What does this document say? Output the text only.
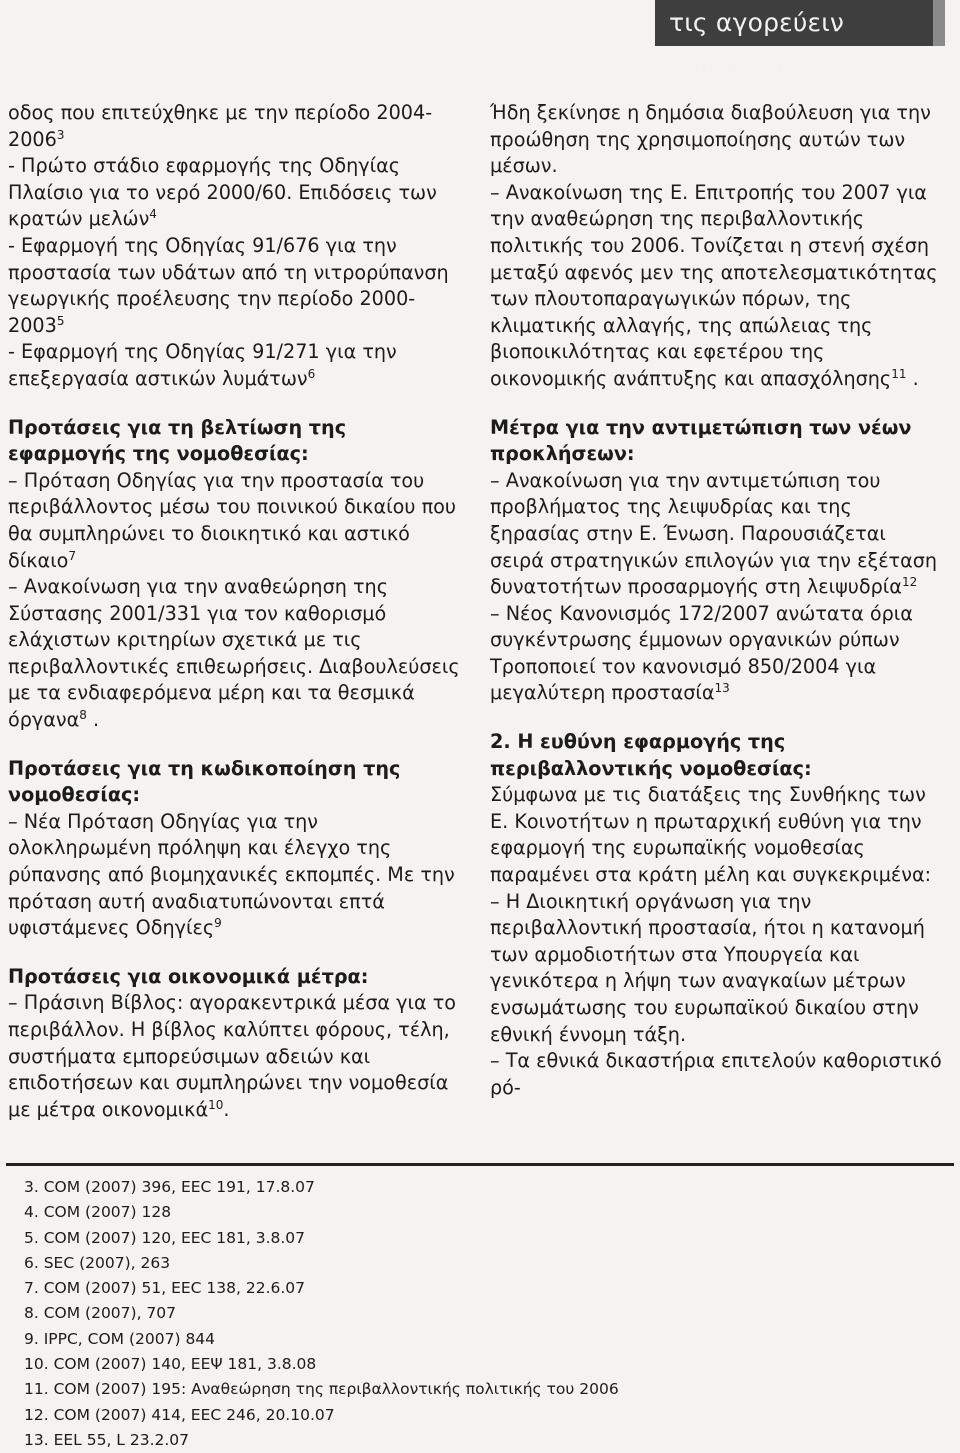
τις αγορεύειν βούλεται

οδος που επιτεύχθηκε με την περίοδο 2004-2006$^3$

- Πρώτο στάδιο εφαρμογής της Οδηγίας Πλαίσιο για το νερό 2000/60. Επιδόσεις των κρατών μελών$^4$

- Εφαρμογή της Οδηγίας 91/676 για την προστασία των υδάτων από τη νιτρορύπανση γεωργικής προέλευσης την περίοδο 2000-2003$^5$

- Εφαρμογή της Οδηγίας 91/271 για την επεξεργασία αστικών λυμάτων$^6$

Προτάσεις για τη βελτίωση της εφαρμογής της νομοθεσίας:

– Πρόταση Οδηγίας για την προστασία του περιβάλλοντος μέσω του ποινικού δικαίου που θα συμπληρώνει το διοικητικό και αστικό δίκαιο$^7$

– Ανακοίνωση για την αναθεώρηση της Σύστασης 2001/331 για τον καθορισμό ελάχιστων κριτηρίων σχετικά με τις περιβαλλοντικές επιθεωρήσεις. Διαβουλεύσεις με τα ενδιαφερόμενα μέρη και τα θεσμικά όργανα$^8$ .

Προτάσεις για τη κωδικοποίηση της νομοθεσίας:

– Νέα Πρόταση Οδηγίας για την ολοκληρωμένη πρόληψη και έλεγχο της ρύπανσης από βιομηχανικές εκπομπές. Με την πρόταση αυτή αναδιατυπώνονται επτά υφιστάμενες Οδηγίες$^9$

Προτάσεις για οικονομικά μέτρα:

– Πράσινη Βίβλος: αγορακεντρικά μέσα για το περιβάλλον. Η βίβλος καλύπτει φόρους, τέλη, συστήματα εμπορεύσιμων αδειών και επιδοτήσεων και συμπληρώνει την νομοθεσία με μέτρα οικονομικά$^{10}$.

Ήδη ξεκίνησε η δημόσια διαβούλευση για την προώθηση της χρησιμοποίησης αυτών των μέσων.

– Ανακοίνωση της Ε. Επιτροπής του 2007 για την αναθεώρηση της περιβαλλοντικής πολιτικής του 2006. Τονίζεται η στενή σχέση μεταξύ αφενός μεν της αποτελεσματικότητας των πλουτοπαραγωγικών πόρων, της κλιματικής αλλαγής, της απώλειας της βιοποικιλότητας και εφετέρου της οικονομικής ανάπτυξης και απασχόλησης$^{11}$ .

Μέτρα για την αντιμετώπιση των νέων προκλήσεων:

– Ανακοίνωση για την αντιμετώπιση του προβλήματος της λειψυδρίας και της ξηρασίας στην Ε. Ένωση. Παρουσιάζεται σειρά στρατηγικών επιλογών για την εξέταση δυνατοτήτων προσαρμογής στη λειψυδρία$^{12}$

– Νέος Κανονισμός 172/2007 ανώτατα όρια συγκέντρωσης έμμονων οργανικών ρύπων Τροποποιεί τον κανονισμό 850/2004 για μεγαλύτερη προστασία$^{13}$

2. Η ευθύνη εφαρμογής της περιβαλλοντικής νομοθεσίας:

Σύμφωνα με τις διατάξεις της Συνθήκης των Ε. Κοινοτήτων η πρωταρχική ευθύνη για την εφαρμογή της ευρωπαϊκής νομοθεσίας παραμένει στα κράτη μέλη και συγκεκριμένα:

– Η Διοικητική οργάνωση για την περιβαλλοντική προστασία, ήτοι η κατανομή των αρμοδιοτήτων στα Υπουργεία και γενικότερα η λήψη των αναγκαίων μέτρων ενσωμάτωσης του ευρωπαϊκού δικαίου στην εθνική έννομη τάξη.

– Τα εθνικά δικαστήρια επιτελούν καθοριστικό ρό-

3. COM (2007) 396, ΕΕC 191, 17.8.07
4. COM (2007) 128
5. COM (2007) 120, ΕΕC 181, 3.8.07
6. SEC (2007), 263
7. COM (2007) 51, ΕΕC 138, 22.6.07
8. COM (2007), 707
9. IPPC, COM (2007) 844
10. COM (2007) 140, ΕΕΨ 181, 3.8.08
11. COM (2007) 195: Αναθεώρηση της περιβαλλοντικής πολιτικής του 2006
12. COM (2007) 414, ΕΕC 246, 20.10.07
13. EEL 55, L 23.2.07
